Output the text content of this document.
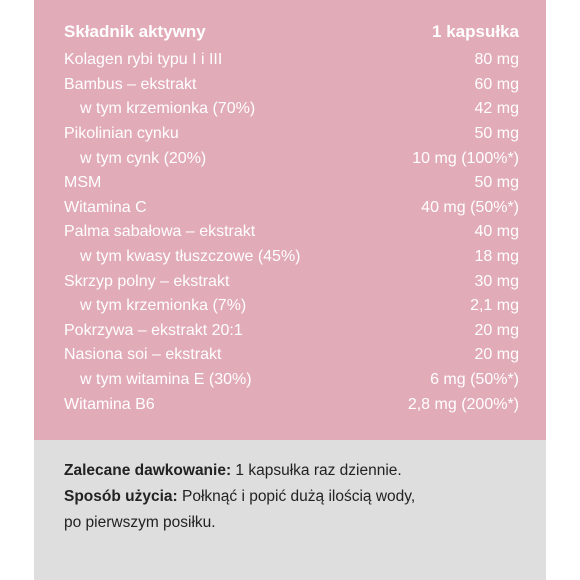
Składnik aktywny	1 kapsułka
Kolagen rybi typu I i III	80 mg
Bambus – ekstrakt	60 mg
w tym krzemionka (70%)	42 mg
Pikolinian cynku	50 mg
w tym cynk (20%)	10 mg (100%*)
MSM	50 mg
Witamina C	40 mg (50%*)
Palma sabałowa – ekstrakt	40 mg
w tym kwasy tłuszczowe (45%)	18 mg
Skrzyp polny – ekstrakt	30 mg
w tym krzemionka (7%)	2,1 mg
Pokrzywa – ekstrakt 20:1	20 mg
Nasiona soi – ekstrakt	20 mg
w tym witamina E (30%)	6 mg (50%*)
Witamina B6	2,8 mg (200%*)
Zalecane dawkowanie: 1 kapsułka raz dziennie.
Sposób użycia: Połknąć i popić dużą ilością wody,
po pierwszym posiłku.
